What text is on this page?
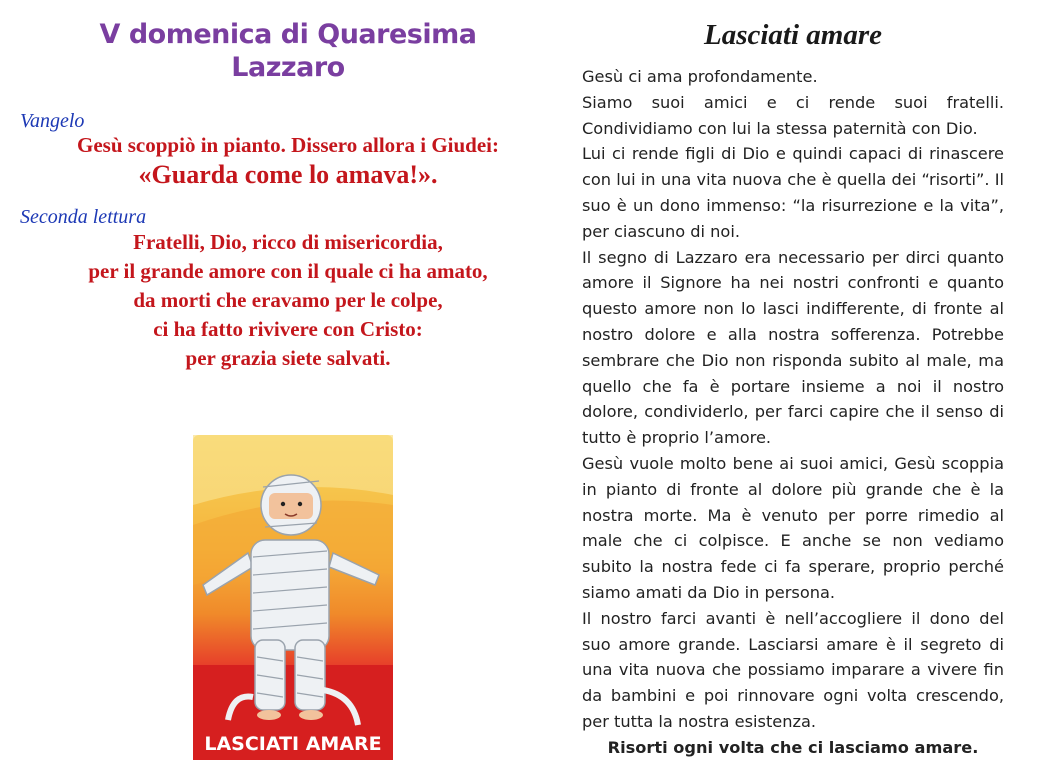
V domenica di Quaresima
Lazzaro
Vangelo
Gesù scoppiò in pianto. Dissero allora i Giudei:
«Guarda come lo amava!».
Seconda lettura
Fratelli, Dio, ricco di misericordia,
per il grande amore con il quale ci ha amato,
da morti che eravamo per le colpe,
ci ha fatto rivivere con Cristo:
per grazia siete salvati.
LASCIATI AMARE
Lasciati amare

Gesù ci ama profondamente.

Siamo suoi amici e ci rende suoi fratelli. Condividiamo con lui la stessa paternità con Dio.

Lui ci rende figli di Dio e quindi capaci di rinascere con lui in una vita nuova che è quella dei “risorti”. Il suo è un dono immenso: “la risurrezione e la vita”, per ciascuno di noi.

Il segno di Lazzaro era necessario per dirci quanto amore il Signore ha nei nostri confronti e quanto questo amore non lo lasci indifferente, di fronte al nostro dolore e alla nostra sofferenza. Potrebbe sembrare che Dio non risponda subito al male, ma quello che fa è portare insieme a noi il nostro dolore, condividerlo, per farci capire che il senso di tutto è proprio l’amore.

Gesù vuole molto bene ai suoi amici, Gesù scoppia in pianto di fronte al dolore più grande che è la nostra morte. Ma è venuto per porre rimedio al male che ci colpisce. E anche se non vediamo subito la nostra fede ci fa sperare, proprio perché siamo amati da Dio in persona.

Il nostro farci avanti è nell’accogliere il dono del suo amore grande. Lasciarsi amare è il segreto di una vita nuova che possiamo imparare a vivere fin da bambini e poi rinnovare ogni volta crescendo, per tutta la nostra esistenza.

Risorti ogni volta che ci lasciamo amare.
